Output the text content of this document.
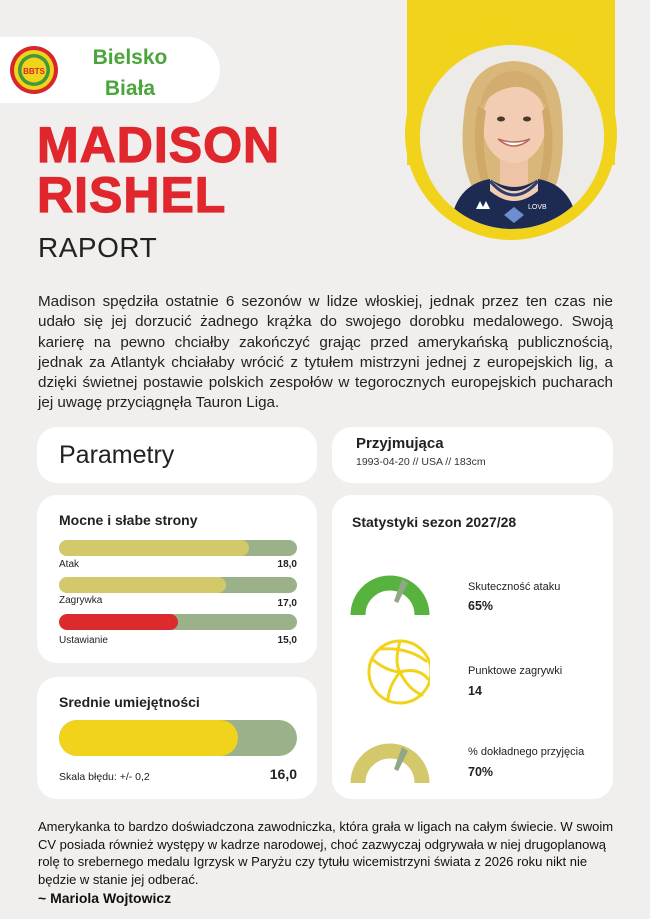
LOVB
BBTS
Bielsko
Biała
MADISON
RISHEL
RAPORT

Madison spędziła ostatnie 6 sezonów w lidze włoskiej, jednak przez ten czas nie udało się jej dorzucić żadnego krążka do swojego dorobku medalowego. Swoją karierę na pewno chciałby zakończyć grając przed amerykańską publicznością, jednak za Atlantyk chciałaby wrócić z tytułem mistrzyni jednej z europejskich lig, a dzięki świetnej postawie polskich zespołów w tegorocznych europejskich pucharach jej uwagę przyciągnęła Tauron Liga.

Parametry	Przyjmująca
1993-04-20 // USA // 183cm
Mocne i słabe strony
Atak	18,0
Zagrywka	17,0
Ustawianie	15,0
Srednie umiejętności
Skala błędu: +/- 0,2	16,0
Statystyki sezon 2027/28
Skuteczność ataku
65%
Punktowe zagrywki
14
% dokładnego przyjęcia
70%

Amerykanka to bardzo doświadczona zawodniczka, która grała w ligach na całym świecie. W swoim CV posiada również występy w kadrze narodowej, choć zazwyczaj odgrywała w niej drugoplanową rolę to srebernego medalu Igrzysk w Paryżu czy tytułu wicemistrzyni świata z 2026 roku nikt nie będzie w stanie jej odberać.

~ Mariola Wojtowicz
